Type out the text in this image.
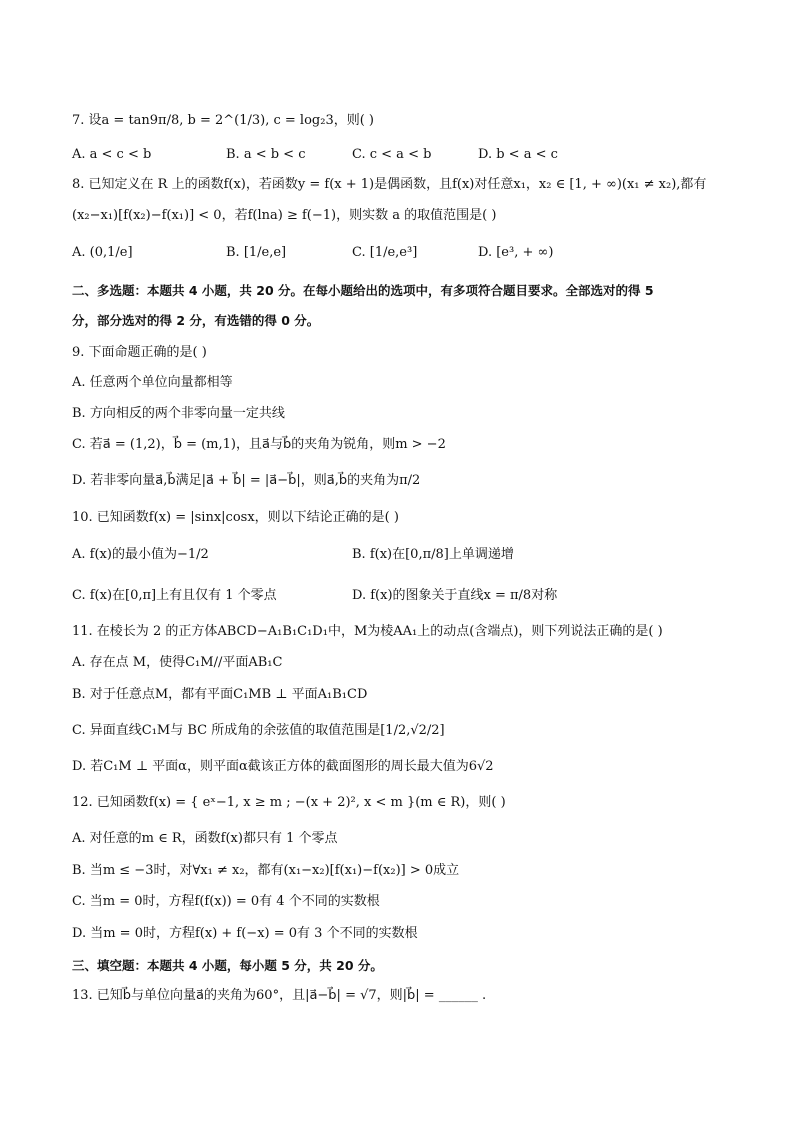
7. 设a = tan9π/8, b = 2^(1/3), c = log₂3，则( )
A. a < c < b	B. a < b < c	C. c < a < b	D. b < a < c
8. 已知定义在 R 上的函数f(x)，若函数y = f(x + 1)是偶函数，且f(x)对任意x₁，x₂ ∈ [1, + ∞)(x₁ ≠ x₂),都有
(x₂−x₁)[f(x₂)−f(x₁)] < 0，若f(lna) ≥ f(−1)，则实数 a 的取值范围是( )
A. (0,1/e]	B. [1/e,e]	C. [1/e,e³]	D. [e³, + ∞)
二、多选题：本题共 4 小题，共 20 分。在每小题给出的选项中，有多项符合题目要求。全部选对的得 5
分，部分选对的得 2 分，有选错的得 0 分。
9. 下面命题正确的是( )
A. 任意两个单位向量都相等
B. 方向相反的两个非零向量一定共线
C. 若a⃗ = (1,2)，b⃗ = (m,1)，且a⃗与b⃗的夹角为锐角，则m > −2
D. 若非零向量a⃗,b⃗满足|a⃗ + b⃗| = |a⃗−b⃗|，则a⃗,b⃗的夹角为π/2
10. 已知函数f(x) = |sinx|cosx，则以下结论正确的是( )
A. f(x)的最小值为−1/2	B. f(x)在[0,π/8]上单调递增
C. f(x)在[0,π]上有且仅有 1 个零点	D. f(x)的图象关于直线x = π/8对称
11. 在棱长为 2 的正方体ABCD−A₁B₁C₁D₁中，M为棱AA₁上的动点(含端点)，则下列说法正确的是( )
A. 存在点 M，使得C₁M//平面AB₁C
B. 对于任意点M，都有平面C₁MB ⊥ 平面A₁B₁CD
C. 异面直线C₁M与 BC 所成角的余弦值的取值范围是[1/2,√2/2]
D. 若C₁M ⊥ 平面α，则平面α截该正方体的截面图形的周长最大值为6√2
12. 已知函数f(x) = { eˣ−1, x ≥ m ; −(x + 2)², x < m }(m ∈ R)，则( )
A. 对任意的m ∈ R，函数f(x)都只有 1 个零点
B. 当m ≤ −3时，对∀x₁ ≠ x₂，都有(x₁−x₂)[f(x₁)−f(x₂)] > 0成立
C. 当m = 0时，方程f(f(x)) = 0有 4 个不同的实数根
D. 当m = 0时，方程f(x) + f(−x) = 0有 3 个不同的实数根
三、填空题：本题共 4 小题，每小题 5 分，共 20 分。
13. 已知b⃗与单位向量a⃗的夹角为60°，且|a⃗−b⃗| = √7，则|b⃗| = ______ .
